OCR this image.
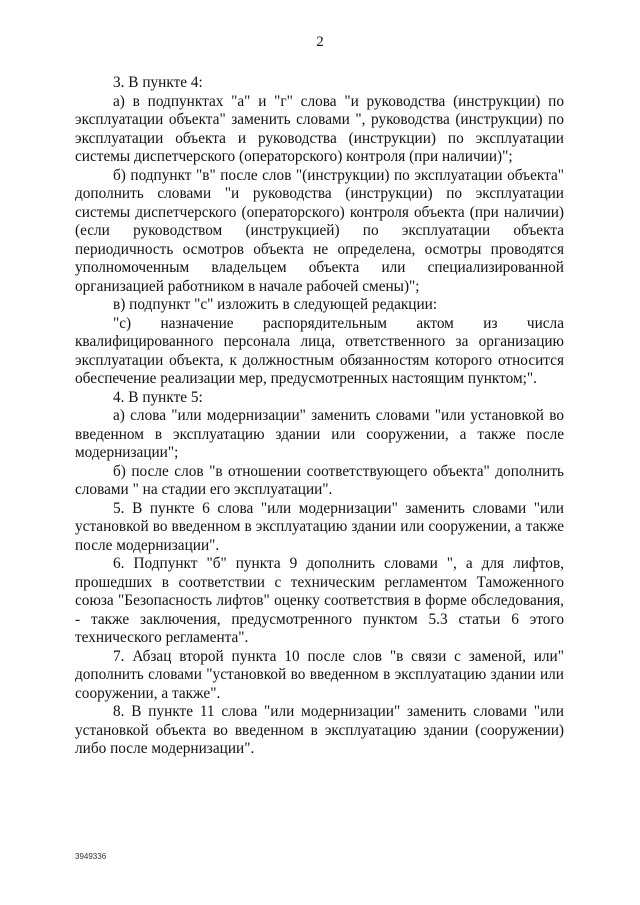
2

3. В пункте 4:

а) в подпунктах "а" и "г" слова "и руководства (инструкции) по эксплуатации объекта" заменить словами ", руководства (инструкции) по эксплуатации объекта и руководства (инструкции) по эксплуатации системы диспетчерского (операторского) контроля (при наличии)";

б) подпункт "в" после слов "(инструкции) по эксплуатации объекта" дополнить словами "и руководства (инструкции) по эксплуатации системы диспетчерского (операторского) контроля объекта (при наличии) (если руководством (инструкцией) по эксплуатации объекта периодичность осмотров объекта не определена, осмотры проводятся уполномоченным владельцем объекта или специализированной организацией работником в начале рабочей смены)";

в) подпункт "с" изложить в следующей редакции:

"с) назначение распорядительным актом из числа квалифицированного персонала лица, ответственного за организацию эксплуатации объекта, к должностным обязанностям которого относится обеспечение реализации мер, предусмотренных настоящим пунктом;".

4. В пункте 5:

а) слова "или модернизации" заменить словами "или установкой во введенном в эксплуатацию здании или сооружении, а также после модернизации";

б) после слов "в отношении соответствующего объекта" дополнить словами " на стадии его эксплуатации".

5. В пункте 6 слова "или модернизации" заменить словами "или установкой во введенном в эксплуатацию здании или сооружении, а также после модернизации".

6. Подпункт "б" пункта 9 дополнить словами ", а для лифтов, прошедших в соответствии с техническим регламентом Таможенного союза "Безопасность лифтов" оценку соответствия в форме обследования, - также заключения, предусмотренного пунктом 5.3 статьи 6 этого технического регламента".

7. Абзац второй пункта 10 после слов "в связи с заменой, или" дополнить словами "установкой во введенном в эксплуатацию здании или сооружении, а также".

8. В пункте 11 слова "или модернизации" заменить словами "или установкой объекта во введенном в эксплуатацию здании (сооружении) либо после модернизации".

3949336
